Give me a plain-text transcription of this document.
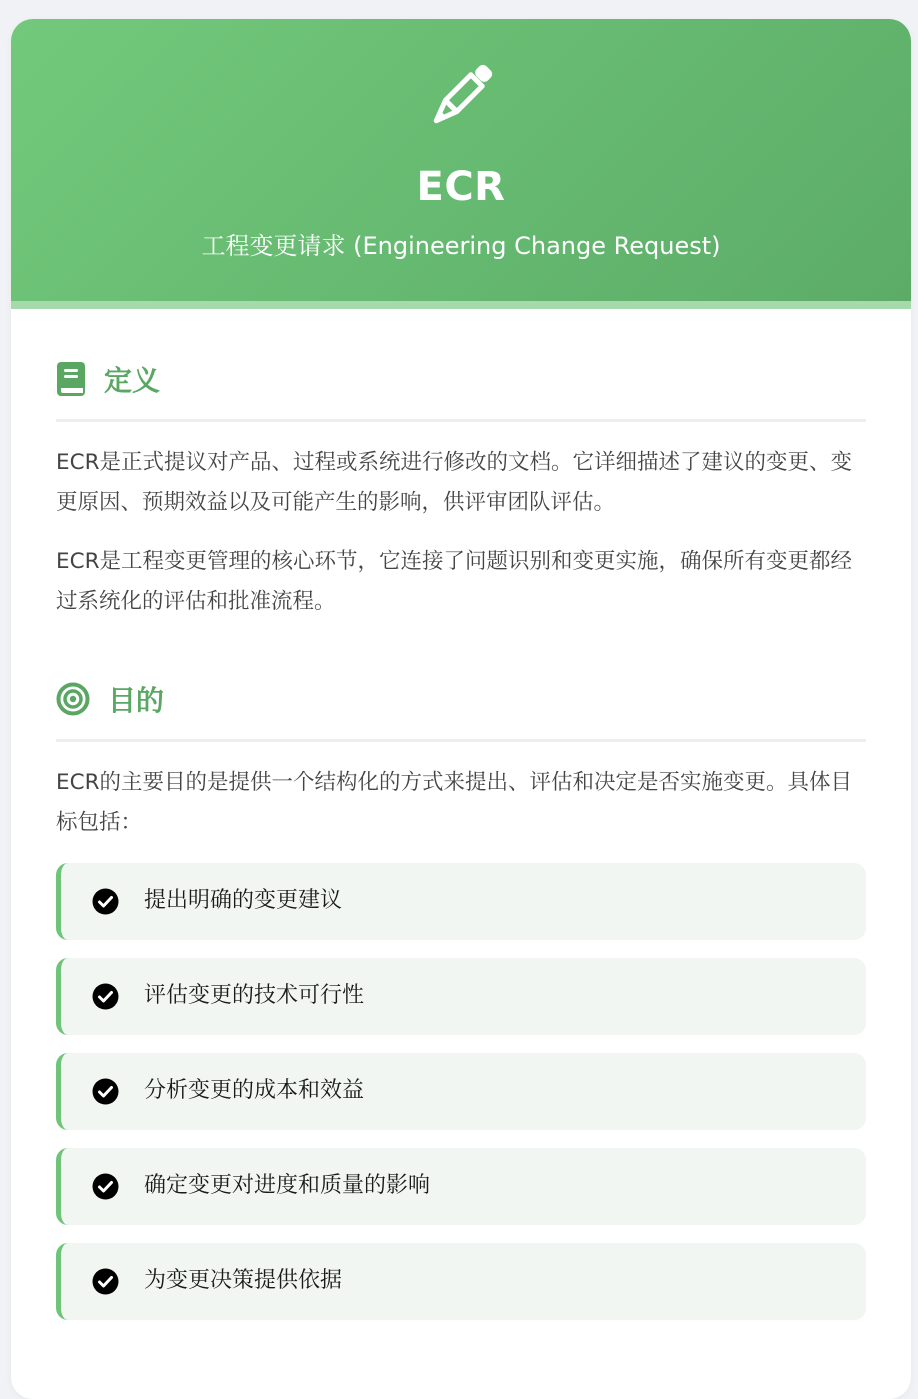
ECR
工程变更请求 (Engineering Change Request)
定义

ECR是正式提议对产品、过程或系统进行修改的文档。它详细描述了建议的变更、变更原因、预期效益以及可能产生的影响，供评审团队评估。

ECR是工程变更管理的核心环节，它连接了问题识别和变更实施，确保所有变更都经过系统化的评估和批准流程。

目的

ECR的主要目的是提供一个结构化的方式来提出、评估和决定是否实施变更。具体目标包括：

提出明确的变更建议
评估变更的技术可行性
分析变更的成本和效益
确定变更对进度和质量的影响
为变更决策提供依据
